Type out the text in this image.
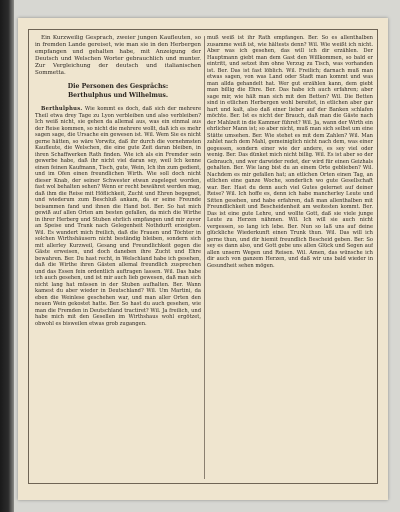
Ein Kurzweilig Gesprach, zweier jungen Kaufleuten, so in fremden Lande gereiset, wie man sie in den Herbergen empfangen und gehalten habe, mit Anzeigung der Deutsch und Welschen Worter gebrauchlich und munter. Zur Vergleichung der deutsch und italianischen Sommetta.

Die Personen des Gesprächs:
Berthulphus und Wilhelmus.

Berthulphus. Wie kommt es doch, daß sich der mehrere Theil etwa drey Tage zu Lyon verbleiben und also verbleiben? Ich weiß nicht, sie gehen da allemal aus, was ein einmal aus der Reise kommen, so nicht die mehrere wollt, daß ich es mehr sagen sage, die Ursache ein gewesen ist. Wil. Wem Sie es nicht gerne hätten, so wäre Vorwitz, daß ihr durch die vornehmsten Kaufleute, die Welschen, die eine gute Zeit daran bleiben, in ihren Schaffwerken Rath finden. Wie ich als ein Fremder sein gewerbe habe, daß ihr nicht viel daran sey, weil Ich kenne einen feinen Kaufmann, Tisch, gute, Wein, Ich ihn zum gedient, und im Ofen einen freundlichen Wirth. Wie soll doch nicht dieser Knab, der seiner Schwester etwan zugeleget worden, fast wol behalten sehen? Wenn er recht bewähret werden mag, daß ihm die Reise mit Höflichkeit, Zucht und Ehren begegnet, und wiederum zum Beschluß ankam, da er seine Freunde beisammen fand und ihnen die Hand bot. Ber. So hat mich gewiß auf allen Orten am besten gefallen, da mich die Wirthe in ihrer Herberg und Stuben ehrlich empfangen und mir zuvor an Speise und Trank nach Gelegenheit Nothdurft erzeigten. Wil. Es wundert mich freilich, daß die Frauen und Töchter in solchen Wirthshäusern nicht beständig bleiben, sondern sich mit allerley Kurzweil, Gesang und Freundlichkeit gegen die Gäste erweisen, und doch daneben ihre Zucht und Ehre bewahren. Ber. Du hast recht, in Welschland habe ich gesehen, daß die Wirthe ihren Gästen allemal freundlich zusprechen und das Essen fein ordentlich auftragen lassen. Wil. Das habe ich auch gesehen, und ist mir auch lieb gewesen, daß man sich nicht lang hat müssen in der Stuben aufhalten. Ber. Wann kamest du aber wieder in Deutschland? Wil. Um Martini, da eben die Weinlese geschehen war, und man aller Orten den neuen Wein gekostet hatte. Ber. So hast du auch gesehen, wie man die Fremden in Deutschland tractiret? Wil. Ja freilich, und habe mich mit den Gesellen im Wirthshaus wohl ergötzet, obwohl es bisweilen etwas grob zugangen.

muß weiß ist ihr Rath empfangen. Ber. So es allenthalben zusamme weiß ist, wie hältests denn? Wil. Wie weißt ich nicht. Aber was ich gesehen, das will ich dir erzählen. Der Hauptmann giebt man dem Gast den Willkommen, so bald er eintritt, und setzet ihm ohne Verzug zu Tisch, was vorhanden ist. Ber. Das ist fast löblich. Wil. Freilich; darnach muß man etwas sagen, von was Land oder Stadt man kommt und was man allda gehandelt hat. Wer gut erzählen kann, dem giebt man billig die Ehre. Ber. Das habe ich auch erfahren; aber sage mir, wie hält man sich mit den Betten? Wil. Die Betten sind in etlichen Herbergen wohl bereitet, in etlichen aber gar hart und kalt, also daß einer lieber auf der Banken schlafen möchte. Ber. Ist es nicht der Brauch, daß man die Gäste nach der Mahlzeit in die Kammer führet? Wil. Ja, wann der Wirth ein ehrlicher Mann ist; so aber nicht, muß man sich selbst um eine Stätte umsehen. Ber. Wie stehet es mit dem Zahlen? Wil. Man zahlet nach dem Mahl, gemeiniglich nicht nach dem, was einer gegessen, sondern einer wie der andere, es sey viel oder wenig. Ber. Das dünket mich nicht billig. Wil. Es ist aber so der Gebrauch, und wer darwider redet, der wird für einen Geizhals gehalten. Ber. Wie lang bist du an einem Orte geblieben? Wil. Nachdem es mir gefallen hat; an etlichen Orten einen Tag, an etlichen eine ganze Woche, sonderlich wo gute Gesellschaft war. Ber. Hast du denn auch viel Gutes gelernet auf deiner Reise? Wil. Ich hoffe es, denn ich habe mancherley Leute und Sitten gesehen, und habe erfahren, daß man allenthalben mit Freundlichkeit und Bescheidenheit am weitesten kommt. Ber. Das ist eine gute Lehre, und wollte Gott, daß sie viele junge Leute zu Herzen nähmen. Wil. Ich will sie auch nicht vergessen, so lang ich lebe. Ber. Nun so laß uns auf deine glückliche Wiederkunft einen Trunk thun. Wil. Das will ich gerne thun, und dir hiemit freundlich Bescheid geben. Ber. So sey es dann also, und Gott gebe uns allen Glück und Segen auf allen unsern Wegen und Reisen. Wil. Amen, das wünsche ich dir auch von ganzem Herzen, und daß wir uns bald wieder in Gesundheit sehen mögen.
